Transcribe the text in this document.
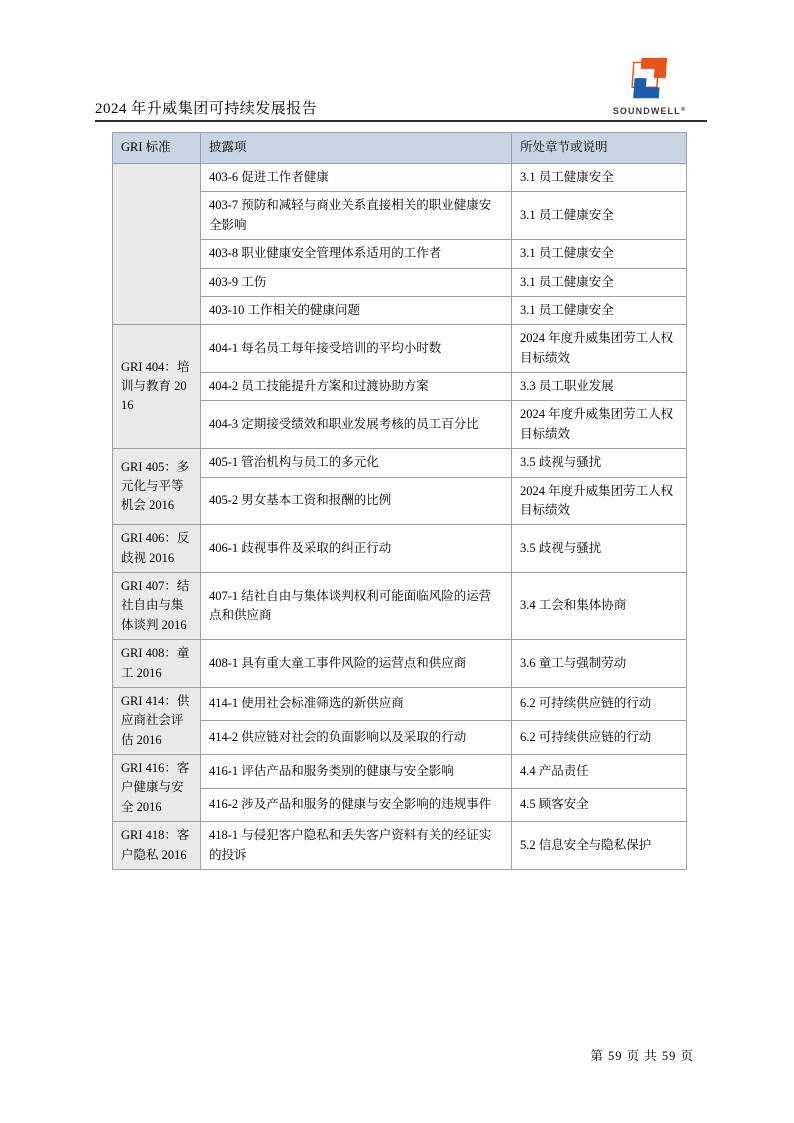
2024 年升威集团可持续发展报告	SOUNDWELL®
GRI 标准	披露项	所处章节或说明
	403-6 促进工作者健康	3.1 员工健康安全
	403-7 预防和减轻与商业关系直接相关的职业健康安全影响	3.1 员工健康安全
	403-8 职业健康安全管理体系适用的工作者	3.1 员工健康安全
	403-9 工伤	3.1 员工健康安全
	403-10 工作相关的健康问题	3.1 员工健康安全
GRI 404：培训与教育 2016	404-1 每名员工每年接受培训的平均小时数	2024 年度升威集团劳工人权目标绩效
	404-2 员工技能提升方案和过渡协助方案	3.3 员工职业发展
	404-3 定期接受绩效和职业发展考核的员工百分比	2024 年度升威集团劳工人权目标绩效
GRI 405：多元化与平等机会 2016	405-1 管治机构与员工的多元化	3.5 歧视与骚扰
	405-2 男女基本工资和报酬的比例	2024 年度升威集团劳工人权目标绩效
GRI 406：反歧视 2016	406-1 歧视事件及采取的纠正行动	3.5 歧视与骚扰
GRI 407：结社自由与集体谈判 2016	407-1 结社自由与集体谈判权利可能面临风险的运营点和供应商	3.4 工会和集体协商
GRI 408：童工 2016	408-1 具有重大童工事件风险的运营点和供应商	3.6 童工与强制劳动
GRI 414：供应商社会评估 2016	414-1 使用社会标准筛选的新供应商	6.2 可持续供应链的行动
	414-2 供应链对社会的负面影响以及采取的行动	6.2 可持续供应链的行动
GRI 416：客户健康与安全 2016	416-1 评估产品和服务类别的健康与安全影响	4.4 产品责任
	416-2 涉及产品和服务的健康与安全影响的违规事件	4.5 顾客安全
GRI 418：客户隐私 2016	418-1 与侵犯客户隐私和丢失客户资料有关的经证实的投诉	5.2 信息安全与隐私保护
第 59 页 共 59 页
